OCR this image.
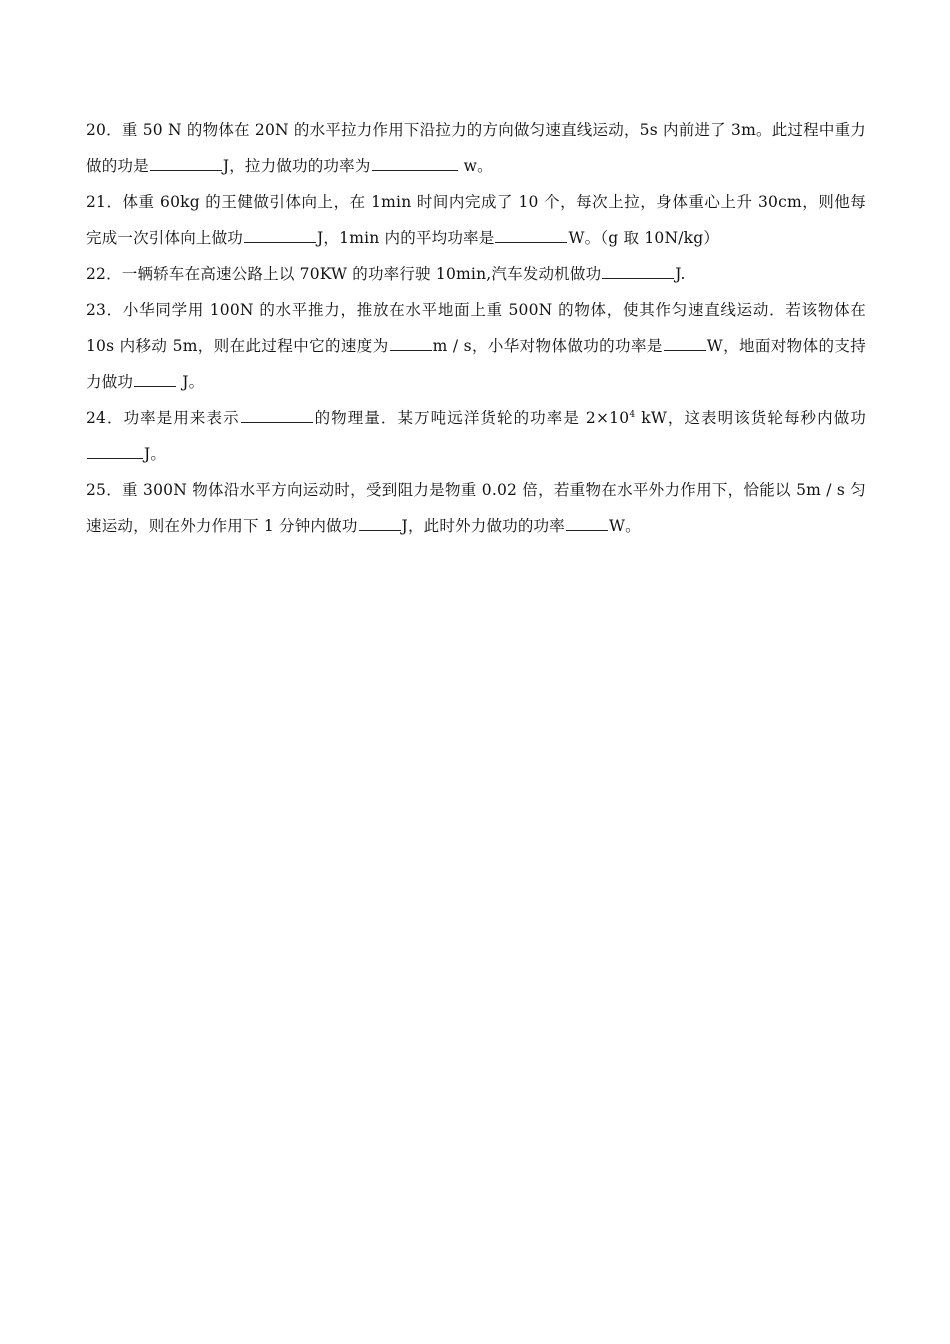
20．重 50 N 的物体在 20N 的水平拉力作用下沿拉力的方向做匀速直线运动，5s 内前进了 3m。此过程中重力做的功是	J，拉力做功的功率为	w。

21．体重 60kg 的王健做引体向上，在 1min 时间内完成了 10 个，每次上拉，身体重心上升 30cm，则他每完成一次引体向上做功	J，1min 内的平均功率是	W。（g 取 10N/kg）

22．一辆轿车在高速公路上以 70KW 的功率行驶 10min,汽车发动机做功	J.

23．小华同学用 100N 的水平推力，推放在水平地面上重 500N 的物体，使其作匀速直线运动．若该物体在 10s 内移动 5m，则在此过程中它的速度为	m / s，小华对物体做功的功率是	W，地面对物体的支持力做功	J。

24．功率是用来表示	的物理量．某万吨远洋货轮的功率是 $2\times 10^4$ kW，这表明该货轮每秒内做功J。

25．重 300N 物体沿水平方向运动时，受到阻力是物重 0.02 倍，若重物在水平外力作用下，恰能以 5m / s 匀速运动，则在外力作用下 1 分钟内做功	J，此时外力做功的功率	W。
